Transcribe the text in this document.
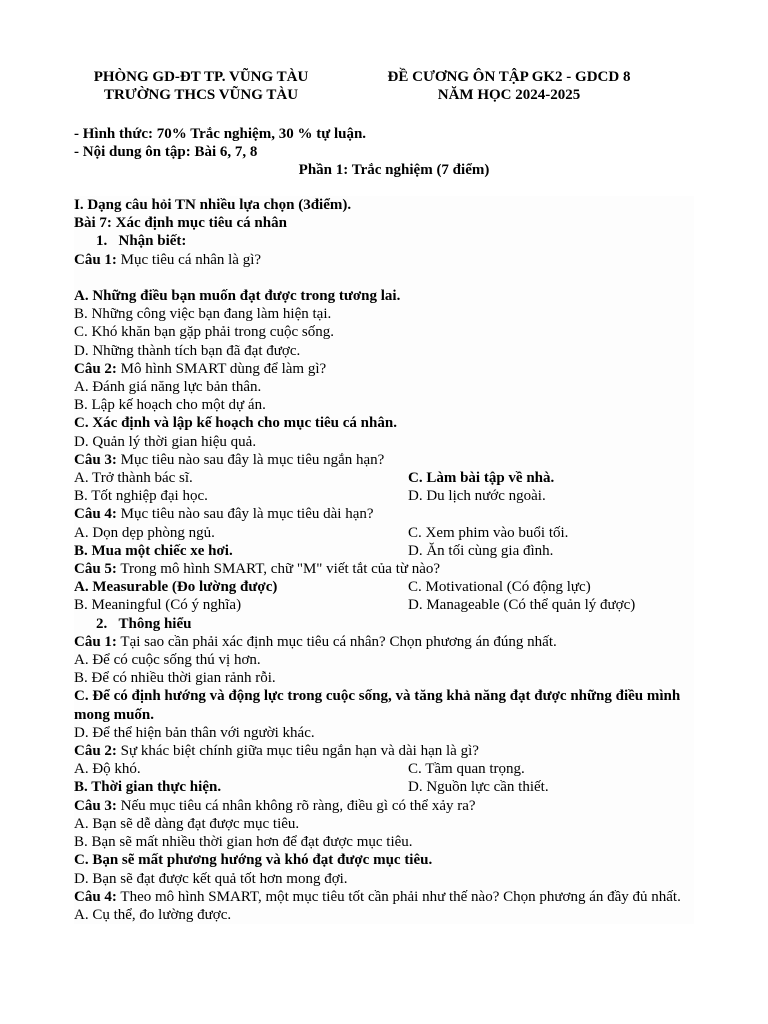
PHÒNG GD-ĐT TP. VŨNG TÀU
TRƯỜNG THCS VŨNG TÀU
ĐỀ CƯƠNG ÔN TẬP GK2 - GDCD 8
NĂM HỌC 2024-2025
- Hình thức: 70% Trắc nghiệm, 30 % tự luận.
- Nội dung ôn tập: Bài 6, 7, 8
Phần 1: Trắc nghiệm (7 điểm)
I. Dạng câu hỏi TN nhiều lựa chọn (3điểm).
Bài 7: Xác định mục tiêu cá nhân
1. Nhận biết:
Câu 1: Mục tiêu cá nhân là gì?
A. Những điều bạn muốn đạt được trong tương lai.
B. Những công việc bạn đang làm hiện tại.
C. Khó khăn bạn gặp phải trong cuộc sống.
D. Những thành tích bạn đã đạt được.
Câu 2: Mô hình SMART dùng để làm gì?
A. Đánh giá năng lực bản thân.
B. Lập kế hoạch cho một dự án.
C. Xác định và lập kế hoạch cho mục tiêu cá nhân.
D. Quản lý thời gian hiệu quả.
Câu 3: Mục tiêu nào sau đây là mục tiêu ngắn hạn?
A. Trở thành bác sĩ.	C. Làm bài tập về nhà.
B. Tốt nghiệp đại học.	D. Du lịch nước ngoài.
Câu 4: Mục tiêu nào sau đây là mục tiêu dài hạn?
A. Dọn dẹp phòng ngủ.	C. Xem phim vào buổi tối.
B. Mua một chiếc xe hơi.	D. Ăn tối cùng gia đình.
Câu 5: Trong mô hình SMART, chữ "M" viết tắt của từ nào?
A. Measurable (Đo lường được)	C. Motivational (Có động lực)
B. Meaningful (Có ý nghĩa)	D. Manageable (Có thể quản lý được)
2. Thông hiểu
Câu 1: Tại sao cần phải xác định mục tiêu cá nhân? Chọn phương án đúng nhất.
A. Để có cuộc sống thú vị hơn.
B. Để có nhiều thời gian rảnh rỗi.
C. Để có định hướng và động lực trong cuộc sống, và tăng khả năng đạt được những điều mình mong muốn.
D. Để thể hiện bản thân với người khác.
Câu 2: Sự khác biệt chính giữa mục tiêu ngắn hạn và dài hạn là gì?
A. Độ khó.	C. Tầm quan trọng.
B. Thời gian thực hiện.	D. Nguồn lực cần thiết.
Câu 3: Nếu mục tiêu cá nhân không rõ ràng, điều gì có thể xảy ra?
A. Bạn sẽ dễ dàng đạt được mục tiêu.
B. Bạn sẽ mất nhiều thời gian hơn để đạt được mục tiêu.
C. Bạn sẽ mất phương hướng và khó đạt được mục tiêu.
D. Bạn sẽ đạt được kết quả tốt hơn mong đợi.
Câu 4: Theo mô hình SMART, một mục tiêu tốt cần phải như thế nào? Chọn phương án đầy đủ nhất.
A. Cụ thể, đo lường được.
